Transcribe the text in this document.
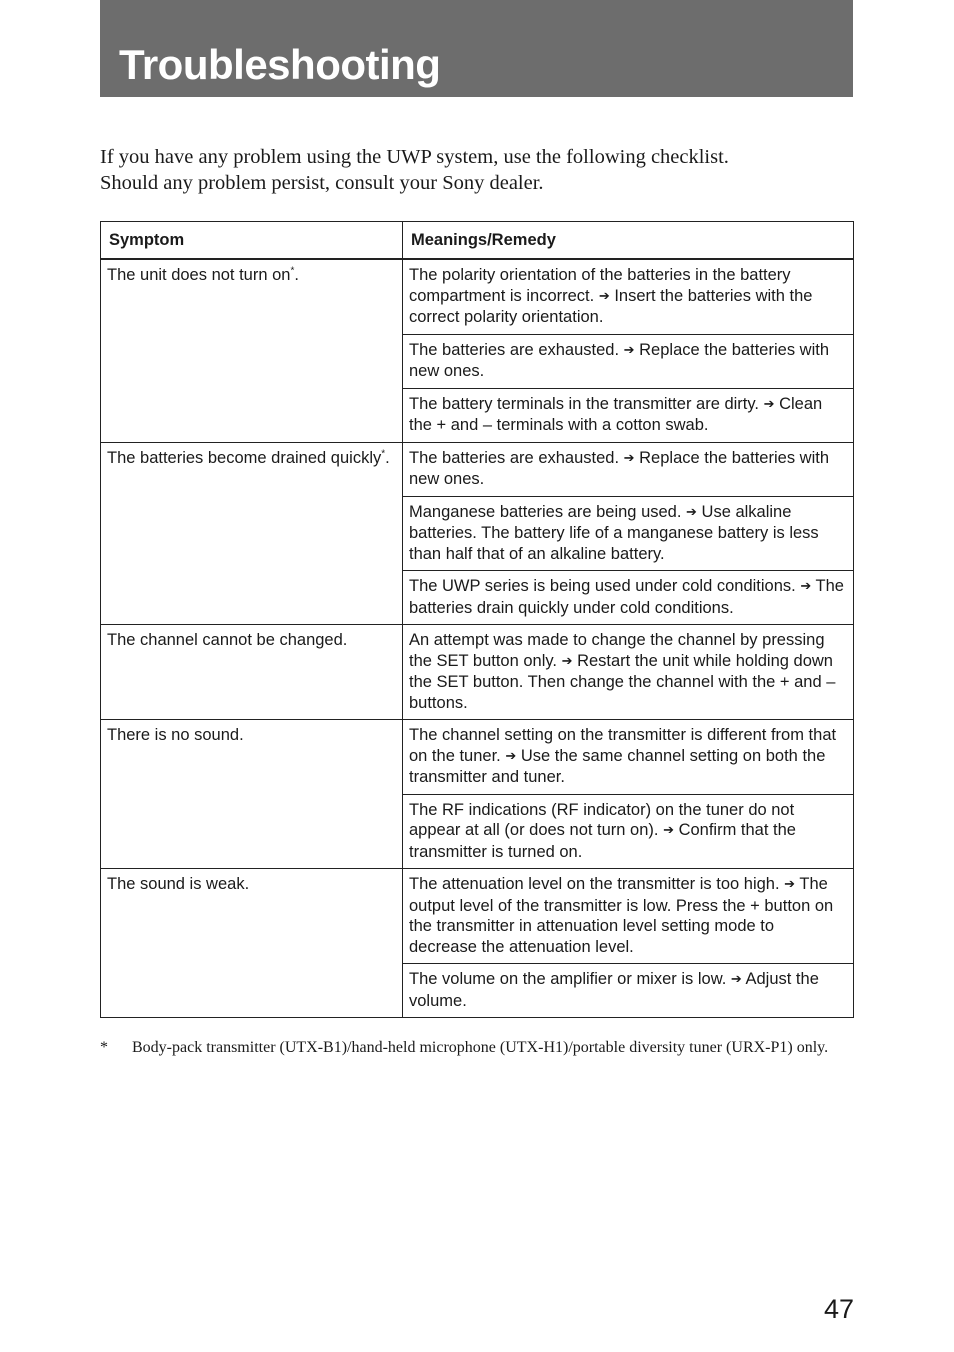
Troubleshooting
If you have any problem using the UWP system, use the following checklist.
Should any problem persist, consult your Sony dealer.
Symptom	Meanings/Remedy
The unit does not turn on*.	The polarity orientation of the batteries in the battery compartment is incorrect. ➔ Insert the batteries with the correct polarity orientation.
	The batteries are exhausted. ➔ Replace the batteries with new ones.
	The battery terminals in the transmitter are dirty. ➔ Clean the + and – terminals with a cotton swab.
The batteries become drained quickly*.	The batteries are exhausted. ➔ Replace the batteries with new ones.
	Manganese batteries are being used. ➔ Use alkaline batteries. The battery life of a manganese battery is less than half that of an alkaline battery.
	The UWP series is being used under cold conditions. ➔ The batteries drain quickly under cold conditions.
The channel cannot be changed.	An attempt was made to change the channel by pressing the SET button only. ➔ Restart the unit while holding down the SET button. Then change the channel with the + and – buttons.
There is no sound.	The channel setting on the transmitter is different from that on the tuner. ➔ Use the same channel setting on both the transmitter and tuner.
	The RF indications (RF indicator) on the tuner do not appear at all (or does not turn on). ➔ Confirm that the transmitter is turned on.
The sound is weak.	The attenuation level on the transmitter is too high. ➔ The output level of the transmitter is low. Press the + button on the transmitter in attenuation level setting mode to decrease the attenuation level.
	The volume on the amplifier or mixer is low. ➔ Adjust the volume.
*	Body-pack transmitter (UTX-B1)/hand-held microphone (UTX-H1)/portable diversity tuner (URX-P1) only.
47
